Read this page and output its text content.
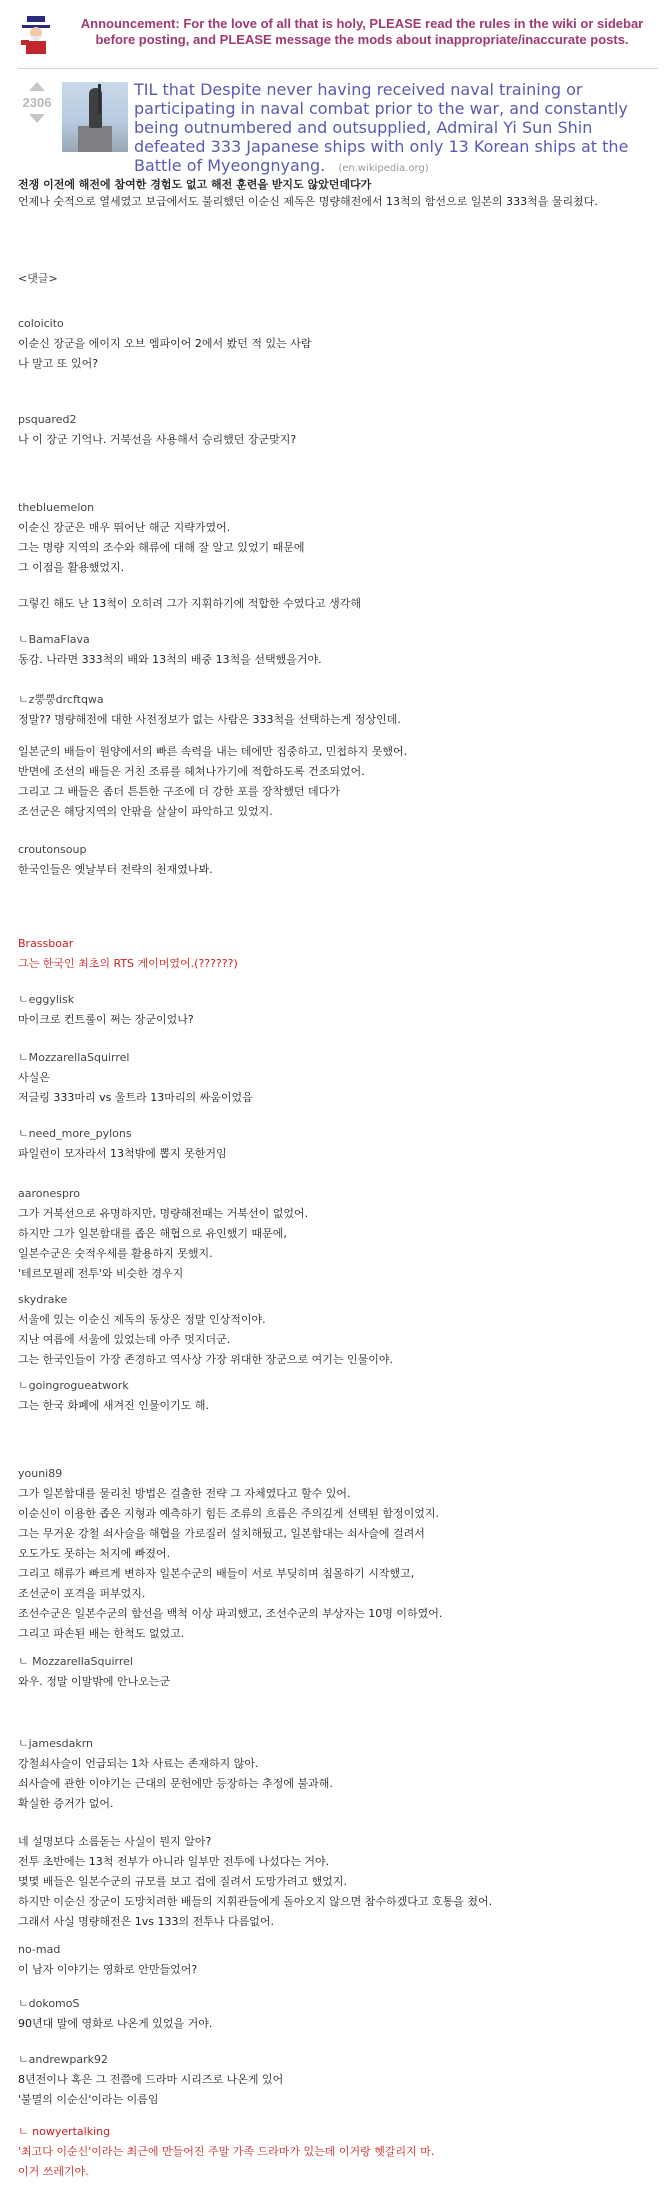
Announcement: For the love of all that is holy, PLEASE read the rules in the wiki or sidebar before posting, and PLEASE message the mods about inappropriate/inaccurate posts.
2306
TIL that Despite never having received naval training or participating in naval combat prior to the war, and constantly being outnumbered and outsupplied, Admiral Yi Sun Shin defeated 333 Japanese ships with only 13 Korean ships at the Battle of Myeongnyang. (en.wikipedia.org)
전쟁 이전에 해전에 참여한 경험도 없고 해전 훈련을 받지도 않았던데다가
언제나 숫적으로 열세였고 보급에서도 불리했던 이순신 제독은 명량해전에서 13척의 함선으로 일본의 333척을 물리쳤다.
<댓글>
coloicito
이순신 장군을 에이지 오브 엠파이어 2에서 봤던 적 있는 사람
나 말고 또 있어?
psquared2
나 이 장군 기억나. 거북선을 사용해서 승리했던 장군맞지?
thebluemelon
이순신 장군은 매우 뛰어난 해군 지략가였어.
그는 명량 지역의 조수와 해류에 대해 잘 알고 있었기 때문에
그 이점을 활용했었지.
그렇긴 해도 난 13척이 오히려 그가 지휘하기에 적합한 수였다고 생각해
ㄴBamaFlava
동감. 나라면 333척의 배와 13척의 배중 13척을 선택했을거야.
ㄴz뿡뿡drcftqwa
정말?? 명량해전에 대한 사전정보가 없는 사람은 333척을 선택하는게 정상인데.
일본군의 배들이 원양에서의 빠른 속력을 내는 데에만 집중하고, 민첩하지 못했어.
반면에 조선의 배들은 거친 조류를 헤쳐나가기에 적합하도록 건조되었어.
그리고 그 배들은 좀더 튼튼한 구조에 더 강한 포를 장착했던 데다가
조선군은 해당지역의 안팎을 살살이 파악하고 있었지.
croutonsoup
한국인들은 옛날부터 전략의 천재였나봐.
Brassboar
그는 한국인 최초의 RTS 게이머였어.(??????)
ㄴeggylisk
마이크로 컨트롤이 쩌는 장군이었나?
ㄴMozzarellaSquirrel
사실은
저글링 333마리 vs 울트라 13마리의 싸움이었음
ㄴneed_more_pylons
파일런이 모자라서 13척밖에 뽑지 못한거임
aaronespro
그가 거북선으로 유명하지만, 명량해전때는 거북선이 없었어.
하지만 그가 일본함대를 좁은 해협으로 유인했기 때문에,
일본수군은 숫적우세를 활용하지 못했지.
'테르모필레 전투'와 비슷한 경우지
skydrake
서울에 있는 이순신 제독의 동상은 정말 인상적이야.
지난 여름에 서울에 있었는데 아주 멋지더군.
그는 한국인들이 가장 존경하고 역사상 가장 위대한 장군으로 여기는 인물이야.
ㄴgoingroguеatwork
그는 한국 화폐에 새겨진 인물이기도 해.
youni89
그가 일본함대를 물리친 방법은 걸출한 전략 그 자체였다고 할수 있어.
이순신이 이용한 좁은 지형과 예측하기 힘든 조류의 흐름은 주의깊게 선택된 함정이었지.
그는 무거운 강철 쇠사슬을 해협을 가로질러 설치해뒀고, 일본함대는 쇠사슬에 걸려서
오도가도 못하는 처지에 빠졌어.
그리고 해류가 빠르게 변하자 일본수군의 배들이 서로 부딪히며 침몰하기 시작했고,
조선군이 포격을 퍼부었지.
조선수군은 일본수군의 함선을 백척 이상 파괴했고, 조선수군의 부상자는 10명 이하였어.
그리고 파손된 배는 한척도 없었고.
ㄴ MozzarellaSquirrel
와우. 정말 이말밖에 안나오는군
ㄴjamesdakrn
강철쇠사슬이 언급되는 1차 사료는 존재하지 않아.
쇠사슬에 관한 이야기는 근대의 문헌에만 등장하는 추정에 불과해.
확실한 증거가 없어.
네 설명보다 소름돋는 사실이 뭔지 알아?
전투 초반에는 13척 전부가 아니라 일부만 전투에 나섰다는 거야.
몇몇 배들은 일본수군의 규모를 보고 겁에 질려서 도망가려고 했었지.
하지만 이순신 장군이 도망치려한 배들의 지휘관들에게 돌아오지 않으면 참수하겠다고 호통을 쳤어.
그래서 사실 명량해전은 1vs 133의 전투나 다름없어.
no-mad
이 남자 이야기는 영화로 안만들었어?
ㄴdokomoS
90년대 말에 영화로 나온게 있었을 거야.
ㄴandrewpark92
8년전이나 혹은 그 전쯤에 드라마 시리즈로 나온게 있어
'불멸의 이순신'이라는 이름임
ㄴ nowyertalking
'최고다 이순신'이라는 최근에 만들어진 주말 가족 드라마가 있는데 이거랑 헷갈리지 마.
이거 쓰레기야.
